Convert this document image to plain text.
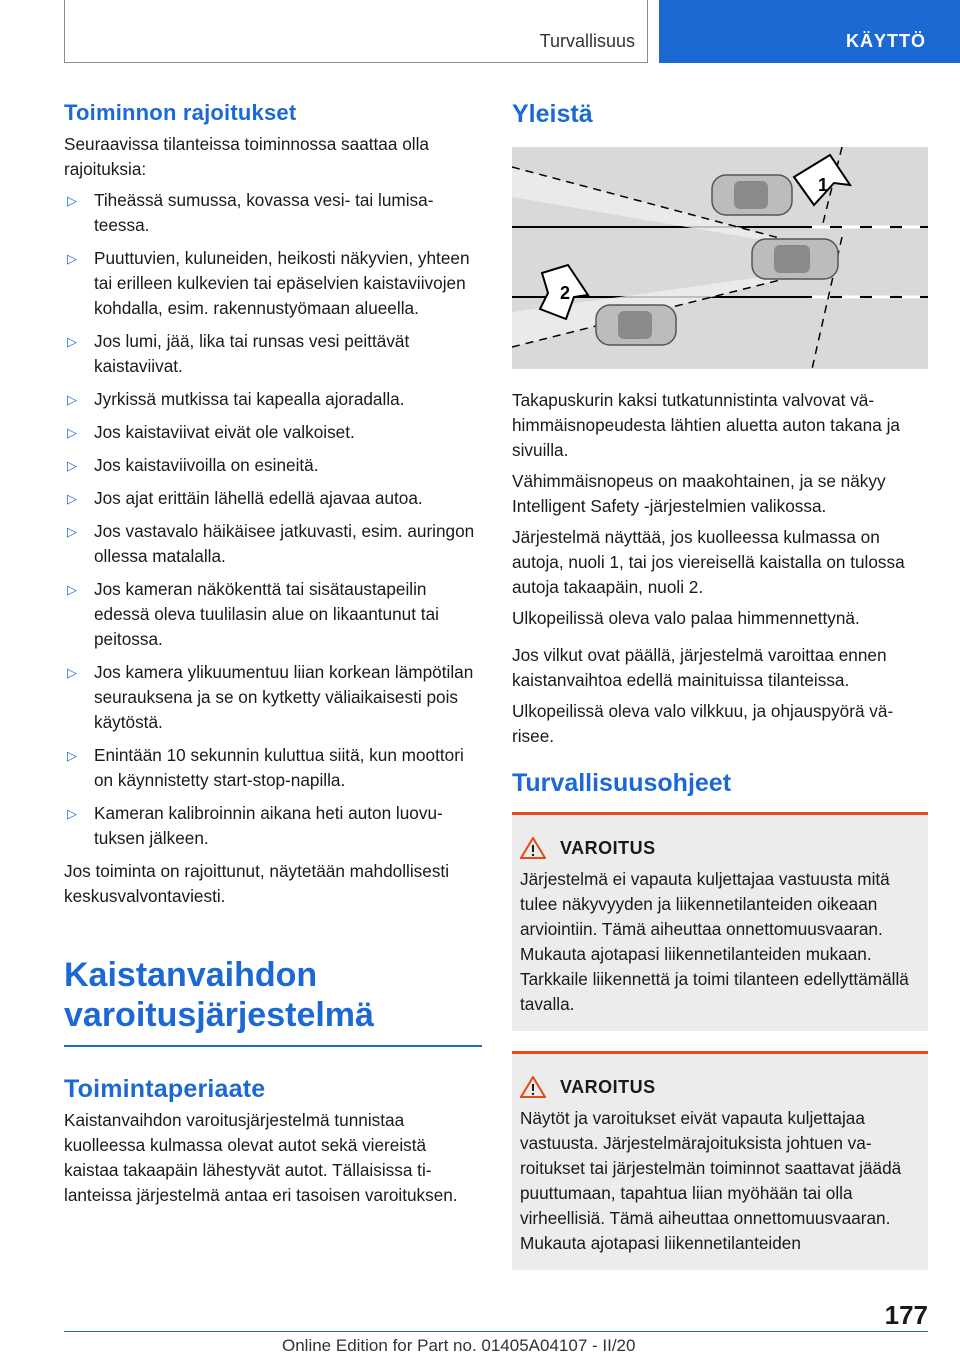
Turvallisuus	KÄYTTÖ
Toiminnon rajoitukset

Seuraavissa tilanteissa toiminnossa saattaa olla rajoituksia:

▷ Tiheässä sumussa, kovassa vesi- tai lumisateessa.
▷ Puuttuvien, kuluneiden, heikosti näkyvien, yhteen tai erilleen kulkevien tai epäselvien kaistaviivojen kohdalla, esim. rakennustyömaan alueella.
▷ Jos lumi, jää, lika tai runsas vesi peittävät kaistaviivat.
▷ Jyrkissä mutkissa tai kapealla ajoradalla.
▷ Jos kaistaviivat eivät ole valkoiset.
▷ Jos kaistaviivoilla on esineitä.
▷ Jos ajat erittäin lähellä edellä ajavaa autoa.
▷ Jos vastavalo häikäisee jatkuvasti, esim. auringon ollessa matalalla.
▷ Jos kameran näkökenttä tai sisätaustapeilin edessä oleva tuulilasin alue on likaantunut tai peitossa.
▷ Jos kamera ylikuumentuu liian korkean lämpötilan seurauksena ja se on kytketty väliaikaisesti pois käytöstä.
▷ Enintään 10 sekunnin kuluttua siitä, kun moottori on käynnistetty start-stop-napilla.
▷ Kameran kalibroinnin aikana heti auton luovutuksen jälkeen.

Jos toiminta on rajoittunut, näytetään mahdollisesti keskusvalvontaviesti.

Kaistanvaihdon varoitusjärjestelmä
Toimintaperiaate

Kaistanvaihdon varoitusjärjestelmä tunnistaa kuolleessa kulmassa olevat autot sekä viereistä kaistaa takaapäin lähestyvät autot. Tällaisissa tilanteissa järjestelmä antaa eri tasoisen varoituksen.

Yleistä
1
2

Takapuskurin kaksi tutkatunnistinta valvovat vähimmäisnopeudesta lähtien aluetta auton takana ja sivuilla.

Vähimmäisnopeus on maakohtainen, ja se näkyy Intelligent Safety -järjestelmien valikossa.

Järjestelmä näyttää, jos kuolleessa kulmassa on autoja, nuoli 1, tai jos viereisellä kaistalla on tulossa autoja takaapäin, nuoli 2.

Ulkopeilissä oleva valo palaa himmennettynä.

Jos vilkut ovat päällä, järjestelmä varoittaa ennen kaistanvaihtoa edellä mainituissa tilanteissa.

Ulkopeilissä oleva valo vilkkuu, ja ohjauspyörä värisee.

Turvallisuusohjeet
VAROITUS

Järjestelmä ei vapauta kuljettajaa vastuusta mitä tulee näkyvyyden ja liikennetilanteiden oikeaan arviointiin. Tämä aiheuttaa onnettomuusvaaran. Mukauta ajotapasi liikennetilanteiden mukaan. Tarkkaile liikennettä ja toimi tilanteen edellyttämällä tavalla.

VAROITUS

Näytöt ja varoitukset eivät vapauta kuljettajaa vastuusta. Järjestelmärajoituksista johtuen varoitukset tai järjestelmän toiminnot saattavat jäädä puuttumaan, tapahtua liian myöhään tai olla virheellisiä. Tämä aiheuttaa onnettomuusvaaran. Mukauta ajotapasi liikennetilanteiden

177
Online Edition for Part no. 01405A04107 - II/20
